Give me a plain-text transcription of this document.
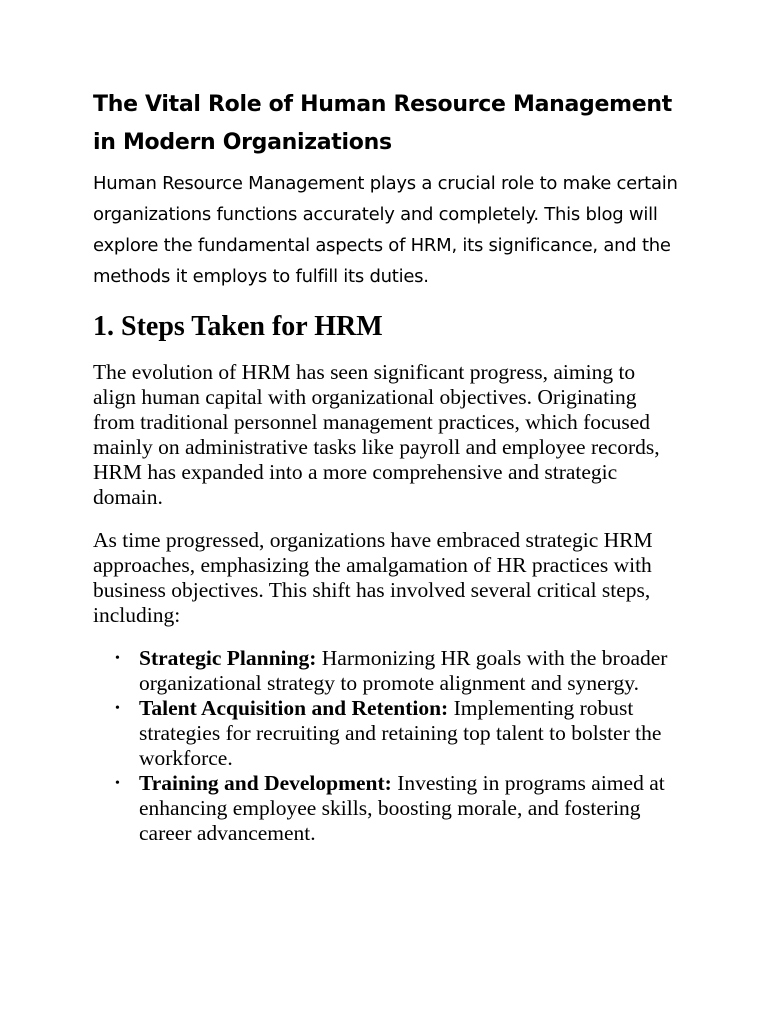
The Vital Role of Human Resource Management in Modern Organizations

Human Resource Management plays a crucial role to make certain organizations functions accurately and completely. This blog will explore the fundamental aspects of HRM, its significance, and the methods it employs to fulfill its duties.

1. Steps Taken for HRM

The evolution of HRM has seen significant progress, aiming to align human capital with organizational objectives. Originating from traditional personnel management practices, which focused mainly on administrative tasks like payroll and employee records, HRM has expanded into a more comprehensive and strategic domain.

As time progressed, organizations have embraced strategic HRM approaches, emphasizing the amalgamation of HR practices with business objectives. This shift has involved several critical steps, including:

• Strategic Planning: Harmonizing HR goals with the broader organizational strategy to promote alignment and synergy.
• Talent Acquisition and Retention: Implementing robust strategies for recruiting and retaining top talent to bolster the workforce.
• Training and Development: Investing in programs aimed at enhancing employee skills, boosting morale, and fostering career advancement.
